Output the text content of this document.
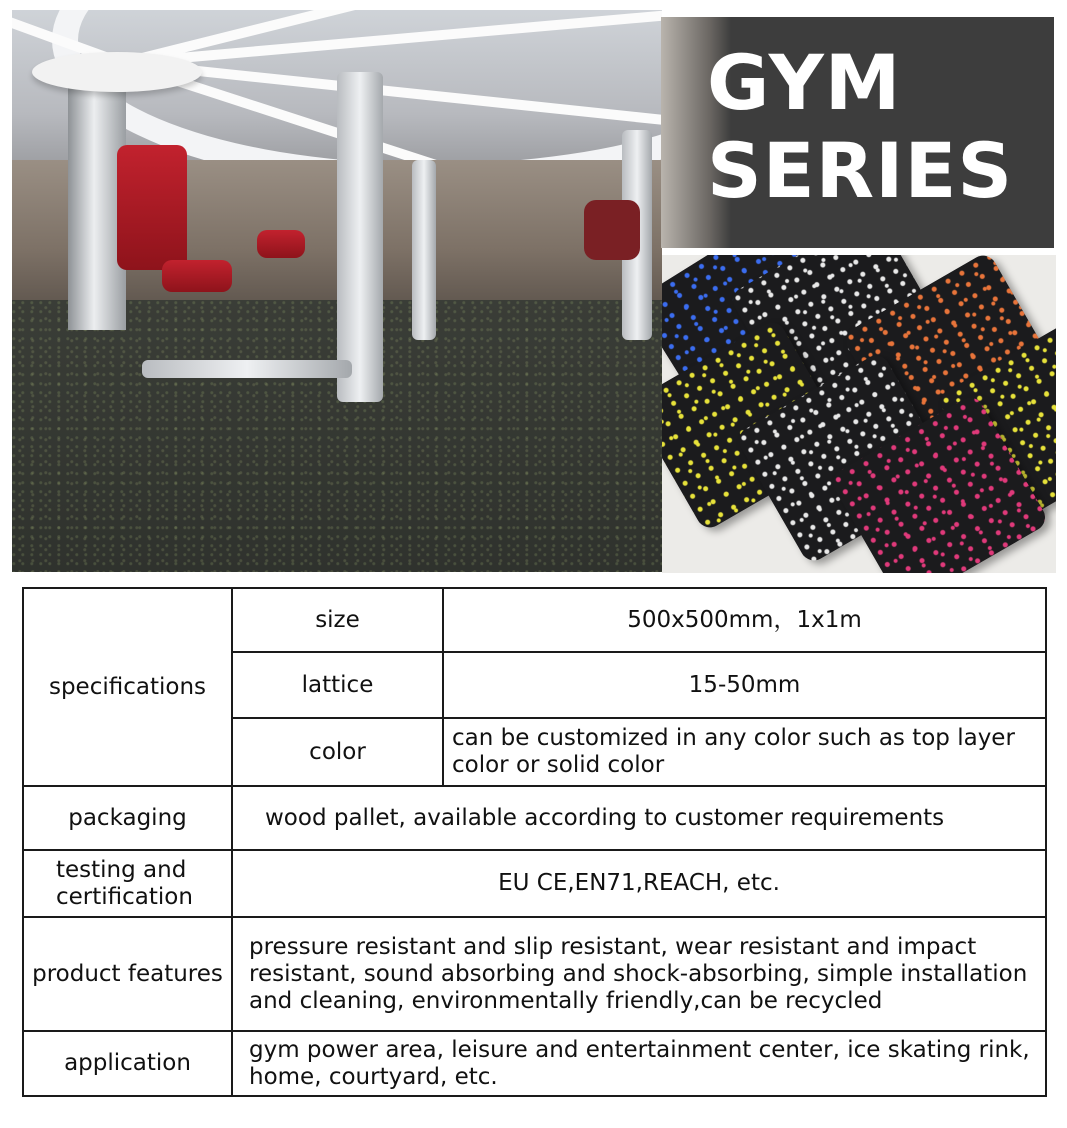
GYM
SERIES
specifications	size	500x500mm，1x1m
	lattice	15-50mm
	color	can be customized in any color such as top layer color or solid color
packaging	wood pallet, available according to customer requirements	
testing and certification	EU CE,EN71,REACH, etc.	
product features	pressure resistant and slip resistant, wear resistant and impact resistant, sound absorbing and shock-absorbing, simple installation and cleaning, environmentally friendly,can be recycled	
application	gym power area, leisure and entertainment center, ice skating rink, home, courtyard, etc.	
